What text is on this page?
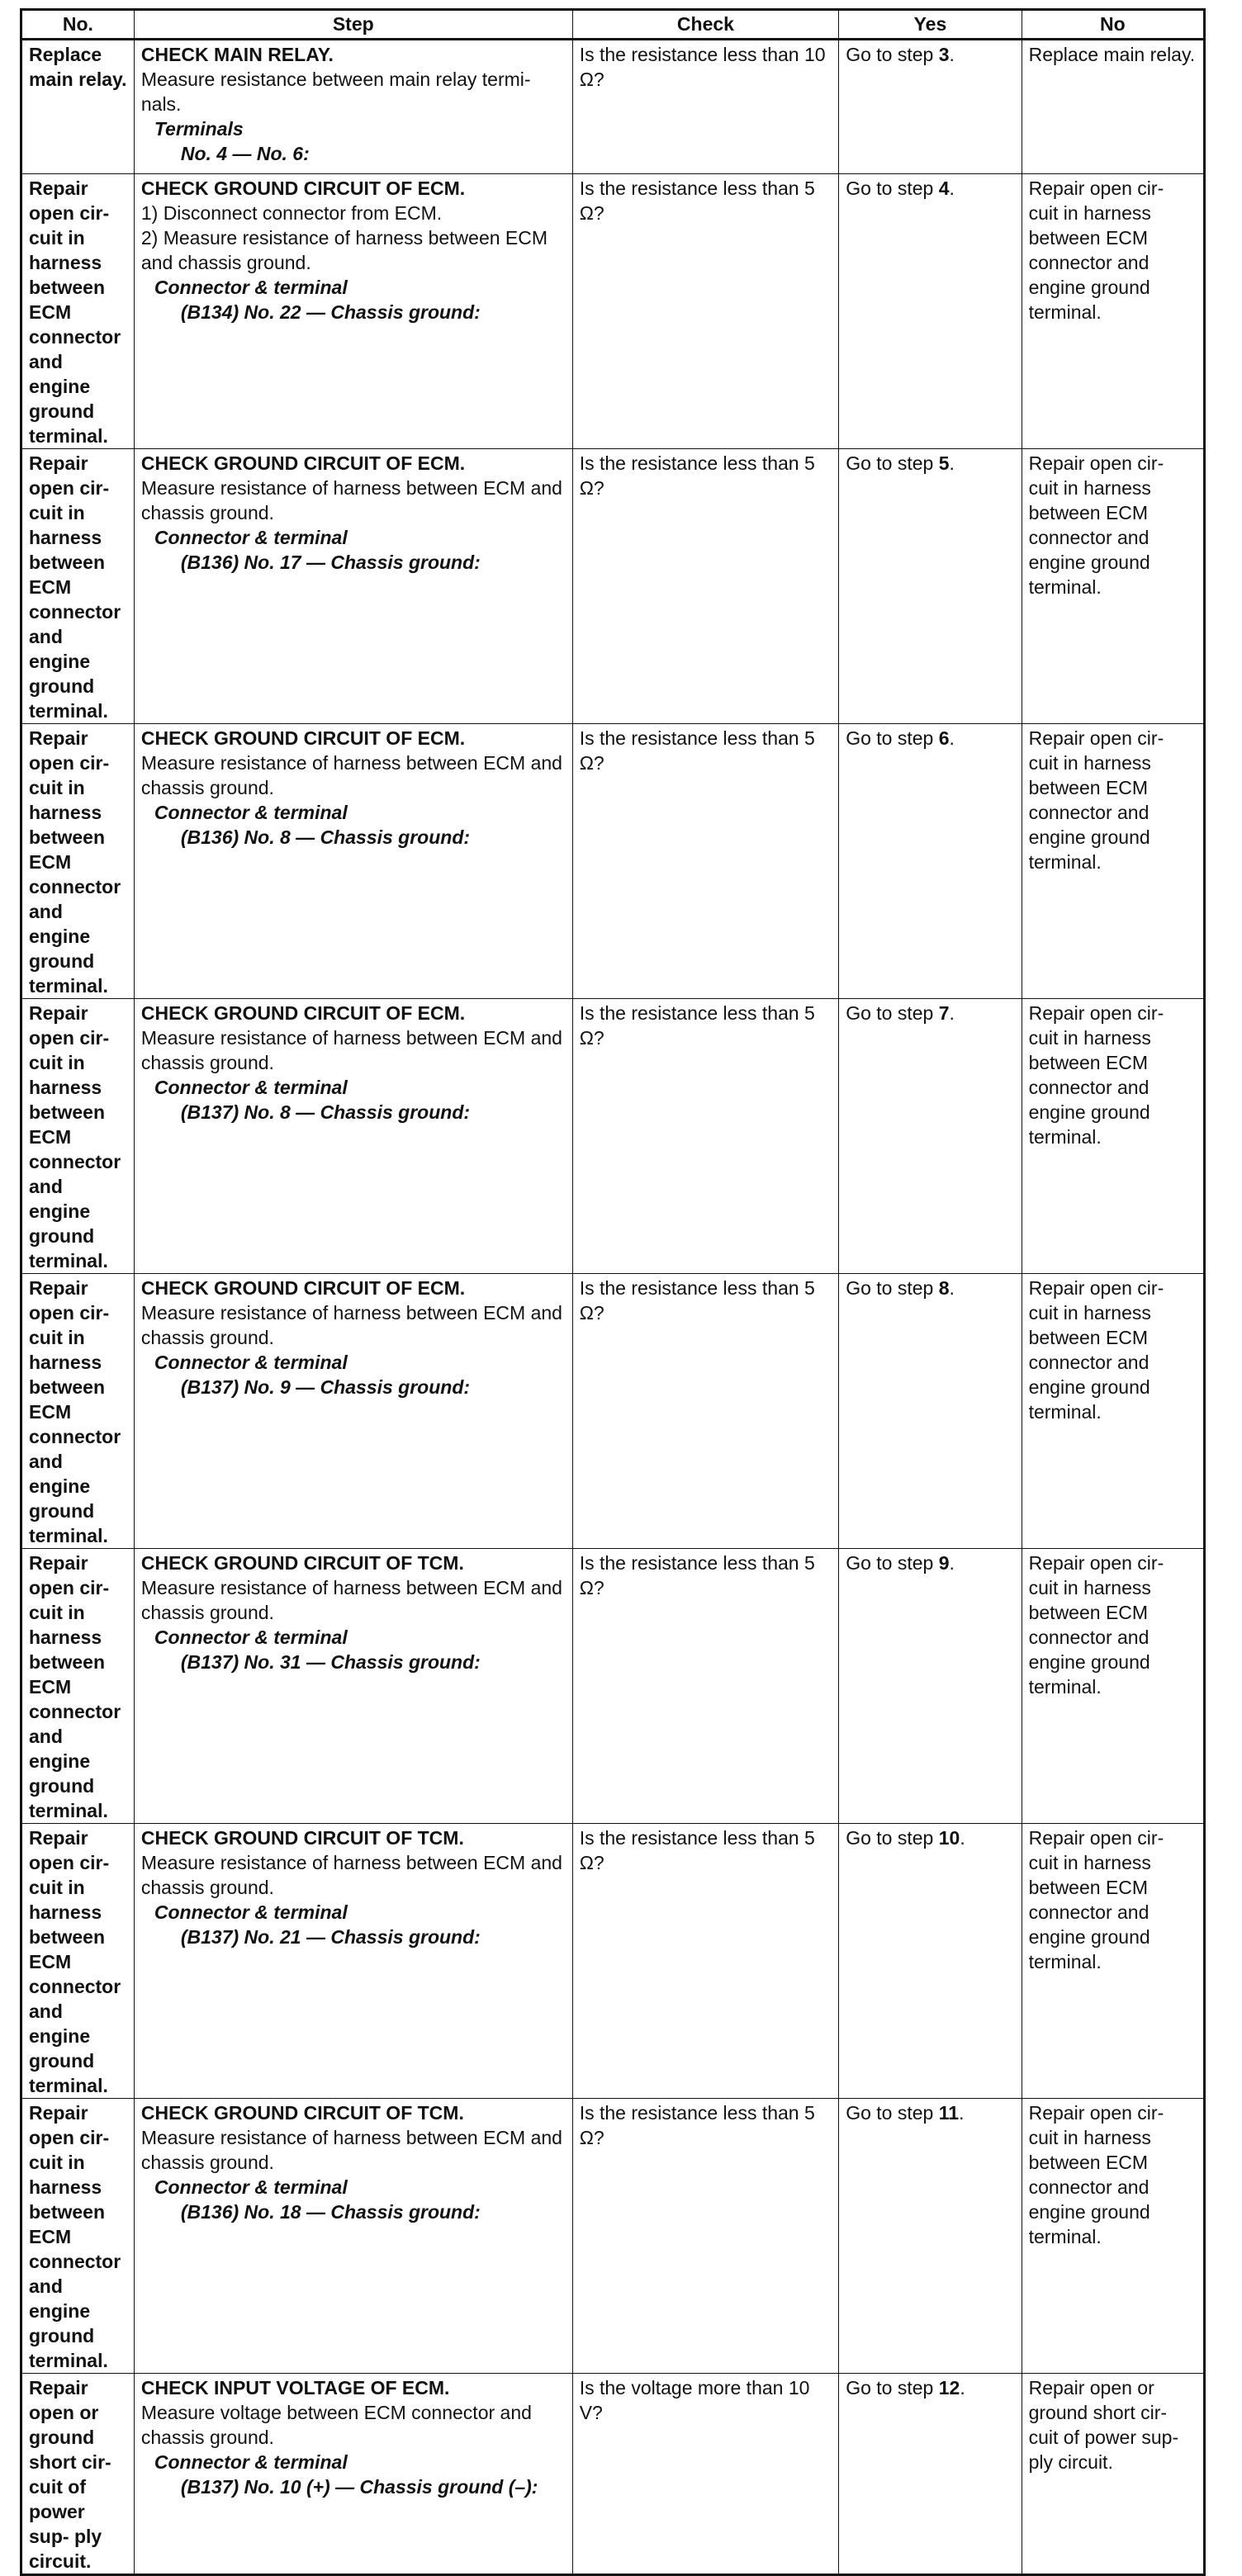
No.	Step	Check	Yes	No
Replace main relay.	CHECK MAIN RELAY.
Measure resistance between main relay termi-
nals.
Terminals
No. 4 — No. 6:	Is the resistance less than 10 Ω?	Go to step 3.	Replace main relay.
Repair open cir- cuit in harness between ECM connector and engine ground terminal.	CHECK GROUND CIRCUIT OF ECM.
1) Disconnect connector from ECM.
2) Measure resistance of harness between ECM and chassis ground.
Connector & terminal
(B134) No. 22 — Chassis ground:	Is the resistance less than 5 Ω?	Go to step 4.	Repair open cir- cuit in harness between ECM connector and engine ground terminal.
Repair open cir- cuit in harness between ECM connector and engine ground terminal.	CHECK GROUND CIRCUIT OF ECM.
Measure resistance of harness between ECM and chassis ground.
Connector & terminal
(B136) No. 17 — Chassis ground:	Is the resistance less than 5 Ω?	Go to step 5.	Repair open cir- cuit in harness between ECM connector and engine ground terminal.
Repair open cir- cuit in harness between ECM connector and engine ground terminal.	CHECK GROUND CIRCUIT OF ECM.
Measure resistance of harness between ECM and chassis ground.
Connector & terminal
(B136) No. 8 — Chassis ground:	Is the resistance less than 5 Ω?	Go to step 6.	Repair open cir- cuit in harness between ECM connector and engine ground terminal.
Repair open cir- cuit in harness between ECM connector and engine ground terminal.	CHECK GROUND CIRCUIT OF ECM.
Measure resistance of harness between ECM and chassis ground.
Connector & terminal
(B137) No. 8 — Chassis ground:	Is the resistance less than 5 Ω?	Go to step 7.	Repair open cir- cuit in harness between ECM connector and engine ground terminal.
Repair open cir- cuit in harness between ECM connector and engine ground terminal.	CHECK GROUND CIRCUIT OF ECM.
Measure resistance of harness between ECM and chassis ground.
Connector & terminal
(B137) No. 9 — Chassis ground:	Is the resistance less than 5 Ω?	Go to step 8.	Repair open cir- cuit in harness between ECM connector and engine ground terminal.
Repair open cir- cuit in harness between ECM connector and engine ground terminal.	CHECK GROUND CIRCUIT OF TCM.
Measure resistance of harness between ECM and chassis ground.
Connector & terminal
(B137) No. 31 — Chassis ground:	Is the resistance less than 5 Ω?	Go to step 9.	Repair open cir- cuit in harness between ECM connector and engine ground terminal.
Repair open cir- cuit in harness between ECM connector and engine ground terminal.	CHECK GROUND CIRCUIT OF TCM.
Measure resistance of harness between ECM and chassis ground.
Connector & terminal
(B137) No. 21 — Chassis ground:	Is the resistance less than 5 Ω?	Go to step 10.	Repair open cir- cuit in harness between ECM connector and engine ground terminal.
Repair open cir- cuit in harness between ECM connector and engine ground terminal.	CHECK GROUND CIRCUIT OF TCM.
Measure resistance of harness between ECM and chassis ground.
Connector & terminal
(B136) No. 18 — Chassis ground:	Is the resistance less than 5 Ω?	Go to step 11.	Repair open cir- cuit in harness between ECM connector and engine ground terminal.
Repair open or ground short cir- cuit of power sup- ply circuit.	CHECK INPUT VOLTAGE OF ECM.
Measure voltage between ECM connector and chassis ground.
Connector & terminal
(B137) No. 10 (+) — Chassis ground (–):	Is the voltage more than 10 V?	Go to step 12.	Repair open or ground short cir- cuit of power sup- ply circuit.
